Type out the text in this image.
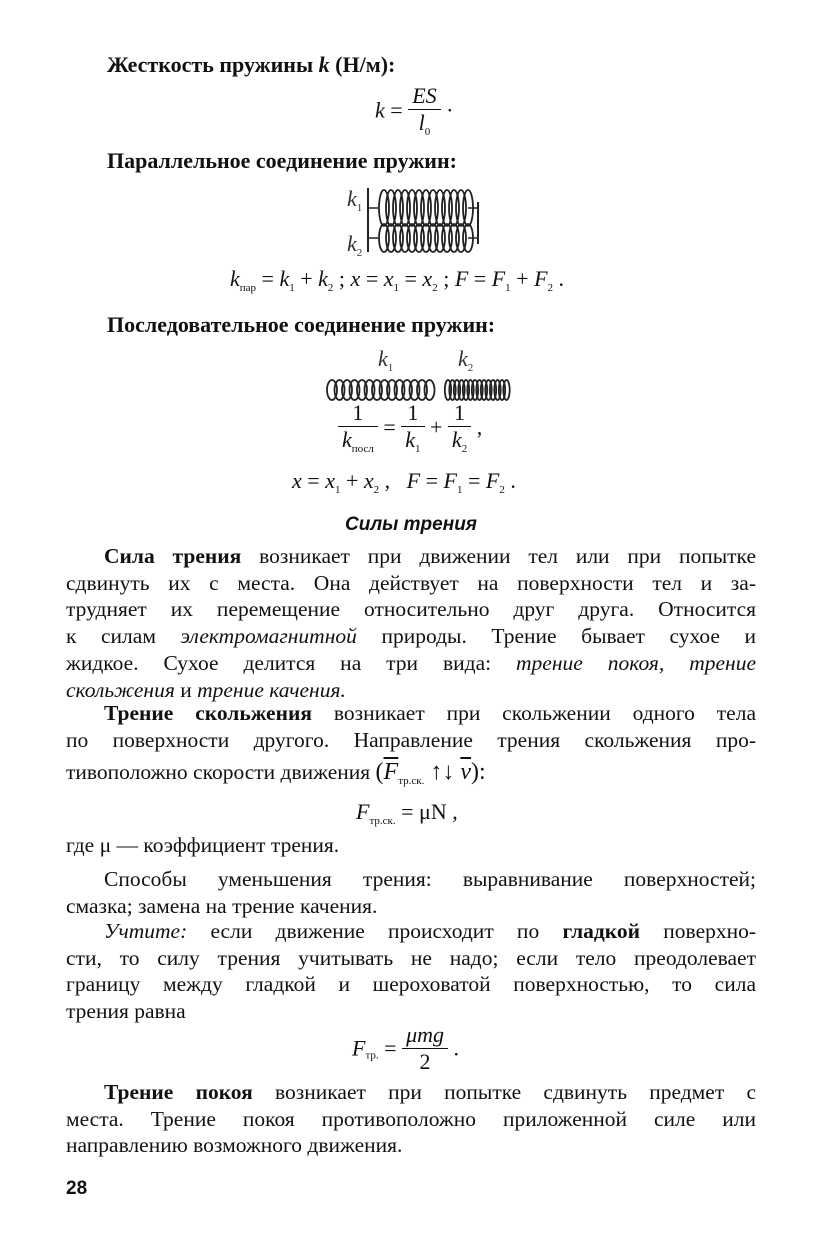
Жесткость пружины k (Н/м):
$k = \frac{ES}{l_0}$ ·
Параллельное соединение пружин:
$k_1$
$k_2$
$k_{пар} = k_1 + k_2$ ; $x = x_1 = x_2$ ; $F = F_1 + F_2$ .
Последовательное соединение пружин:
$k_1$	$k_2$
$\frac{1}{k_{посл}} = \frac{1}{k_1} + \frac{1}{k_2}$ ,
$x = x_1 + x_2$ ,   $F = F_1 = F_2$ .
Силы трения
Сила трения возникает при движении тел или при попытке
сдвинуть их с места. Она действует на поверхности тел и за-
трудняет их перемещение относительно друг друга. Относится
к силам электромагнитной природы. Трение бывает сухое и
жидкое. Сухое делится на три вида: трение покоя, трение
скольжения и трение качения.
Трение скольжения возникает при скольжении одного тела
по поверхности другого. Направление трения скольжения про-
тивоположно скорости движения ($\overline{F}_{тр.ск.}$ ↑↓ $\overline{v}$):
$F_{тр.ск.} = \mu N$ ,
где μ — коэффициент трения.
Способы уменьшения трения: выравнивание поверхностей;
смазка; замена на трение качения.
Учтите: если движение происходит по гладкой поверхно-
сти, то силу трения учитывать не надо; если тело преодолевает
границу между гладкой и шероховатой поверхностью, то сила
трения равна
$F_{тр.} = \frac{\text{μmg}}{2}$ .
Трение покоя возникает при попытке сдвинуть предмет с
места. Трение покоя противоположно приложенной силе или
направлению возможного движения.
28
